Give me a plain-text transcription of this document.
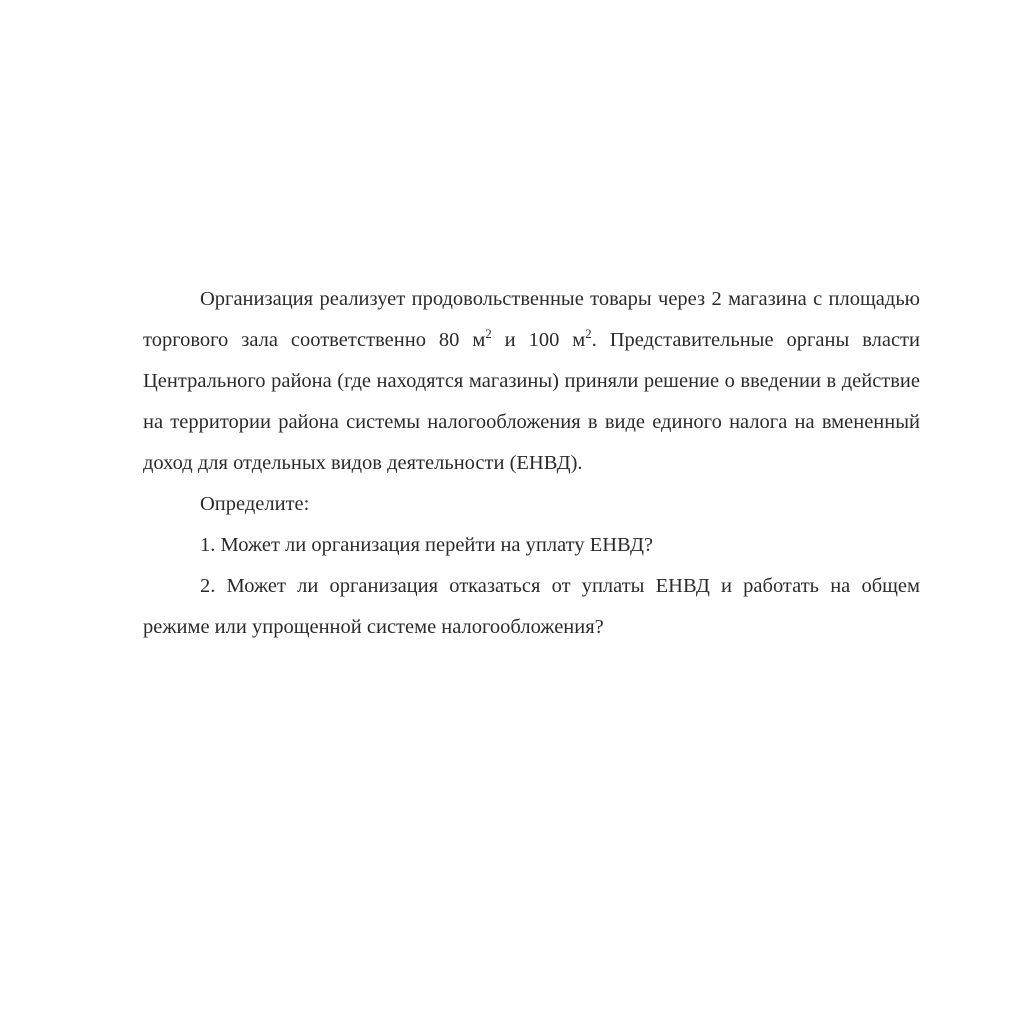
Организация реализует продовольственные товары через 2 магазина с площадью торгового зала соответственно 80 $м^2$ и 100 $м^2$. Представительные органы власти Центрального района (где находятся магазины) приняли решение о введении в действие на территории района системы налогообложения в виде единого налога на вмененный доход для отдельных видов деятельности (ЕНВД).

Определите:

1. Может ли организация перейти на уплату ЕНВД?

2. Может ли организация отказаться от уплаты ЕНВД и работать на общем режиме или упрощенной системе налогообложения?
